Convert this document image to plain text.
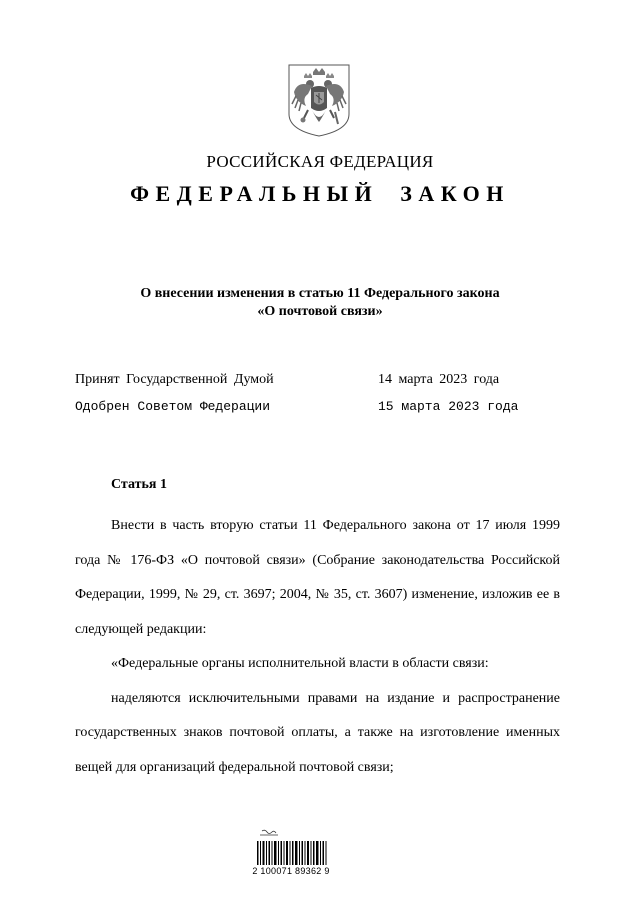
РОССИЙСКАЯ ФЕДЕРАЦИЯ
ФЕДЕРАЛЬНЫЙ ЗАКОН
О внесении изменения в статью 11 Федерального закона
«О почтовой связи»
Принят Государственной Думой	14 марта 2023 года
Одобрен Советом Федерации	15 марта 2023 года
Статья 1

Внести в часть вторую статьи 11 Федерального закона от 17 июля 1999 года № 176-ФЗ «О почтовой связи» (Собрание законодательства Российской Федерации, 1999, № 29, ст. 3697; 2004, № 35, ст. 3607) изменение, изложив ее в следующей редакции:

«Федеральные органы исполнительной власти в области связи:

наделяются исключительными правами на издание и распространение государственных знаков почтовой оплаты, а также на изготовление именных вещей для организаций федеральной почтовой связи;

2 100071 89362 9
